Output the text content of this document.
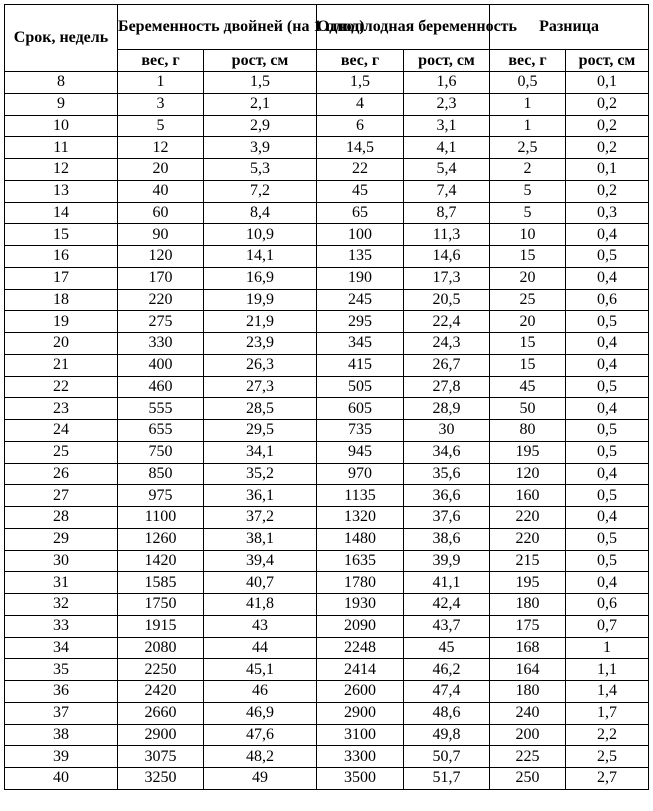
Срок, недель	Беременность двойней (на 1 плод)		Одноплодная беременность		Разница	
	вес, г	рост, см	вес, г	рост, см	вес, г	рост, см
8	1	1,5	1,5	1,6	0,5	0,1
9	3	2,1	4	2,3	1	0,2
10	5	2,9	6	3,1	1	0,2
11	12	3,9	14,5	4,1	2,5	0,2
12	20	5,3	22	5,4	2	0,1
13	40	7,2	45	7,4	5	0,2
14	60	8,4	65	8,7	5	0,3
15	90	10,9	100	11,3	10	0,4
16	120	14,1	135	14,6	15	0,5
17	170	16,9	190	17,3	20	0,4
18	220	19,9	245	20,5	25	0,6
19	275	21,9	295	22,4	20	0,5
20	330	23,9	345	24,3	15	0,4
21	400	26,3	415	26,7	15	0,4
22	460	27,3	505	27,8	45	0,5
23	555	28,5	605	28,9	50	0,4
24	655	29,5	735	30	80	0,5
25	750	34,1	945	34,6	195	0,5
26	850	35,2	970	35,6	120	0,4
27	975	36,1	1135	36,6	160	0,5
28	1100	37,2	1320	37,6	220	0,4
29	1260	38,1	1480	38,6	220	0,5
30	1420	39,4	1635	39,9	215	0,5
31	1585	40,7	1780	41,1	195	0,4
32	1750	41,8	1930	42,4	180	0,6
33	1915	43	2090	43,7	175	0,7
34	2080	44	2248	45	168	1
35	2250	45,1	2414	46,2	164	1,1
36	2420	46	2600	47,4	180	1,4
37	2660	46,9	2900	48,6	240	1,7
38	2900	47,6	3100	49,8	200	2,2
39	3075	48,2	3300	50,7	225	2,5
40	3250	49	3500	51,7	250	2,7
